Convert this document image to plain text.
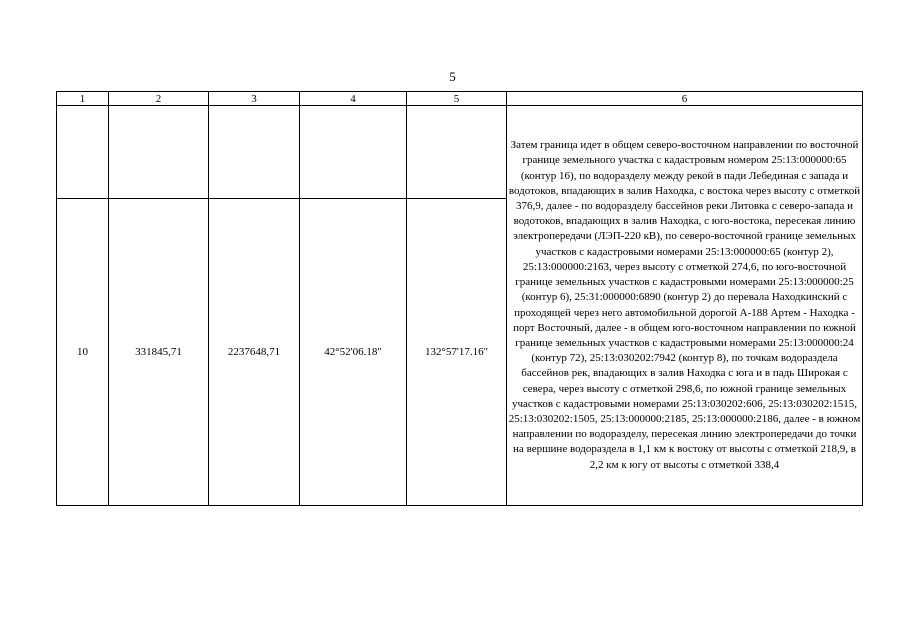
5
1	2	3	4	5	6
					Затем граница идет в общем северо-восточном направлении по восточной границе земельного участка с кадастровым номером 25:13:000000:65 (контур 16), по водоразделу между рекой в пади Лебединая с запада и водотоков, впадающих в залив Находка, с востока через высоту с отметкой 376,9, далее - по водоразделу бассейнов реки Литовка с северо-запада и водотоков, впадающих в залив Находка, с юго-востока, пересекая линию электропередачи (ЛЭП-220 кВ), по северо-восточной границе земельных участков с кадастровыми номерами 25:13:000000:65 (контур 2), 25:13:000000:2163, через высоту с отметкой 274,6, по юго-восточной границе земельных участков с кадастровыми номерами 25:13:000000:25 (контур 6), 25:31:000000:6890 (контур 2) до перевала Находкинский с проходящей через него автомобильной дорогой А-188 Артем - Находка - порт Восточный, далее - в общем юго-восточном направлении по южной границе земельных участков с кадастровыми номерами 25:13:000000:24 (контур 72), 25:13:030202:7942 (контур 8), по точкам водораздела бассейнов рек, впадающих в залив Находка с юга и в падь Широкая с севера, через высоту с отметкой 298,6, по южной границе земельных участков с кадастровыми номерами 25:13:030202:606, 25:13:030202:1515, 25:13:030202:1505, 25:13:000000:2185, 25:13:000000:2186, далее - в южном направлении по водоразделу, пересекая линию электропередачи до точки на вершине водораздела в 1,1 км к востоку от высоты с отметкой 218,9, в 2,2 км к югу от высоты с отметкой 338,4
10	331845,71	2237648,71	42°52'06.18"	132°57'17.16"	
